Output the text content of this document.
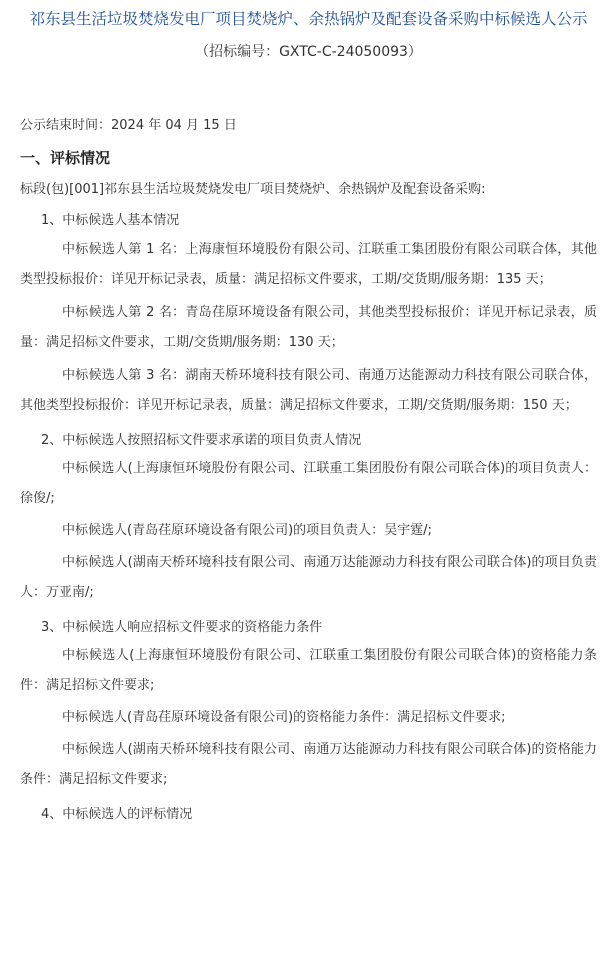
祁东县生活垃圾焚烧发电厂项目焚烧炉、余热锅炉及配套设备采购中标候选人公示
（招标编号：GXTC-C-24050093）
公示结束时间：2024 年 04 月 15 日
一、评标情况
标段(包)[001]祁东县生活垃圾焚烧发电厂项目焚烧炉、余热锅炉及配套设备采购:
1、中标候选人基本情况
中标候选人第 1 名：上海康恒环境股份有限公司、江联重工集团股份有限公司联合体，其他类型投标报价：详见开标记录表，质量：满足招标文件要求，工期/交货期/服务期：135 天；
中标候选人第 2 名：青岛荏原环境设备有限公司，其他类型投标报价：详见开标记录表，质量：满足招标文件要求，工期/交货期/服务期：130 天；
中标候选人第 3 名：湖南天桥环境科技有限公司、南通万达能源动力科技有限公司联合体，其他类型投标报价：详见开标记录表，质量：满足招标文件要求，工期/交货期/服务期：150 天；
2、中标候选人按照招标文件要求承诺的项目负责人情况
中标候选人(上海康恒环境股份有限公司、江联重工集团股份有限公司联合体)的项目负责人：徐俊/;
中标候选人(青岛荏原环境设备有限公司)的项目负责人：吴宇霆/;
中标候选人(湖南天桥环境科技有限公司、南通万达能源动力科技有限公司联合体)的项目负责人：万亚南/;
3、中标候选人响应招标文件要求的资格能力条件
中标候选人(上海康恒环境股份有限公司、江联重工集团股份有限公司联合体)的资格能力条件：满足招标文件要求;
中标候选人(青岛荏原环境设备有限公司)的资格能力条件：满足招标文件要求;
中标候选人(湖南天桥环境科技有限公司、南通万达能源动力科技有限公司联合体)的资格能力条件：满足招标文件要求;
4、中标候选人的评标情况
